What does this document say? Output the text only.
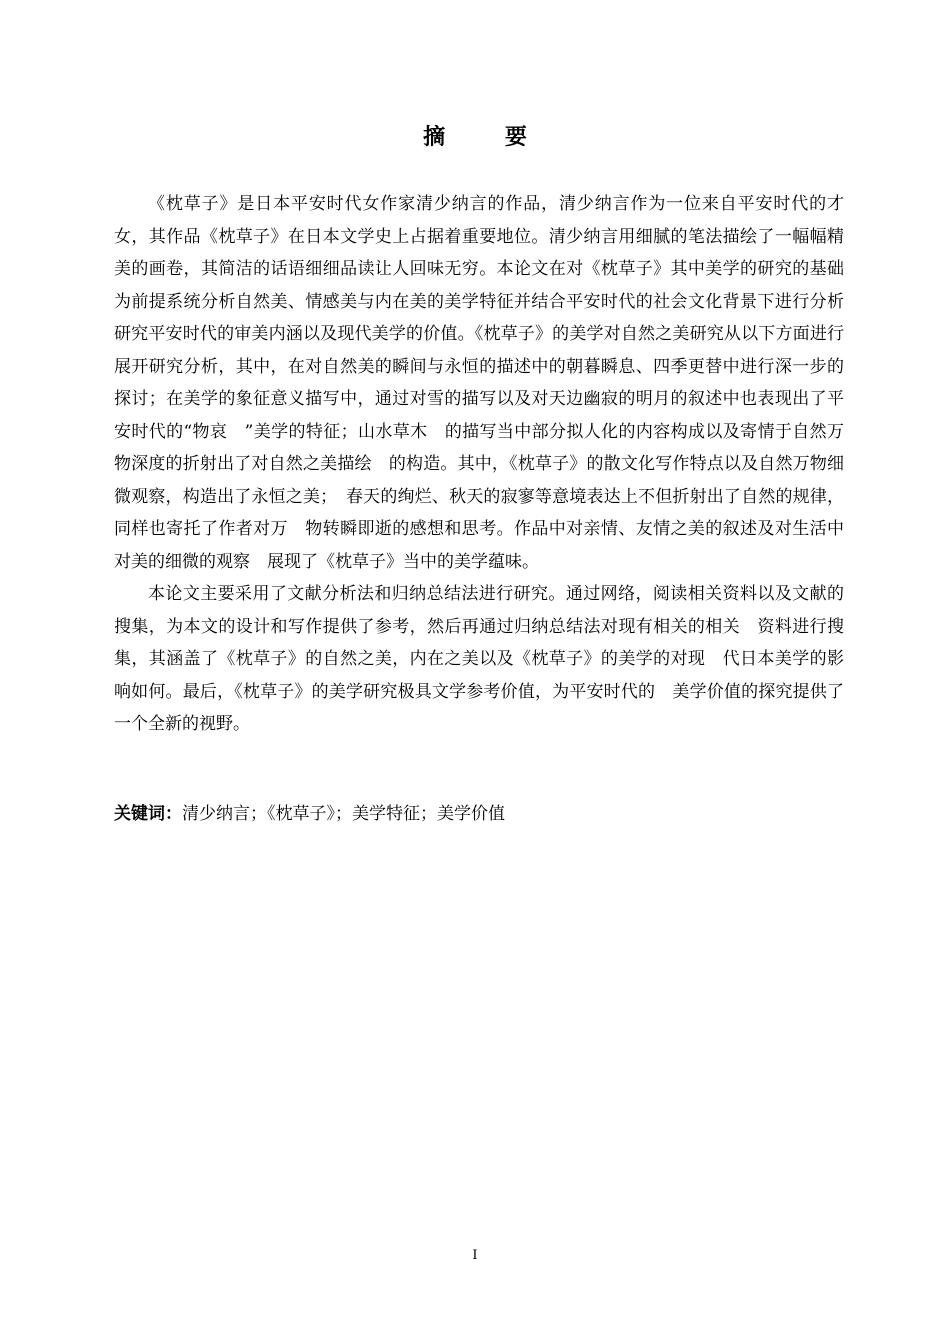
摘 要

《枕草子》是日本平安时代女作家清少纳言的作品，清少纳言作为一位来自平安时代的才女，其作品《枕草子》在日本文学史上占据着重要地位。清少纳言用细腻的笔法描绘了一幅幅精美的画卷，其简洁的话语细细品读让人回味无穷。本论文在对《枕草子》其中美学的研究的基础为前提系统分析自然美、情感美与内在美的美学特征并结合平安时代的社会文化背景下进行分析研究平安时代的审美内涵以及现代美学的价值。《枕草子》的美学对自然之美研究从以下方面进行展开研究分析，其中，在对自然美的瞬间与永恒的描述中的朝暮瞬息、四季更替中进行深一步的探讨；在美学的象征意义描写中，通过对雪的描写以及对天边幽寂的明月的叙述中也表现出了平安时代的“物哀　”美学的特征；山水草木　的描写当中部分拟人化的内容构成以及寄情于自然万物深度的折射出了对自然之美描绘　的构造。其中，《枕草子》的散文化写作特点以及自然万物细微观察，构造出了永恒之美；　春天的绚烂、秋天的寂寥等意境表达上不但折射出了自然的规律，同样也寄托了作者对万　物转瞬即逝的感想和思考。作品中对亲情、友情之美的叙述及对生活中对美的细微的观察　展现了《枕草子》当中的美学蕴味。

本论文主要采用了文献分析法和归纳总结法进行研究。通过网络，阅读相关资料以及文献的搜集，为本文的设计和写作提供了参考，然后再通过归纳总结法对现有相关的相关　资料进行搜集，其涵盖了《枕草子》的自然之美，内在之美以及《枕草子》的美学的对现　代日本美学的影响如何。最后，《枕草子》的美学研究极具文学参考价值，为平安时代的　美学价值的探究提供了一个全新的视野。

关键词：清少纳言；《枕草子》；美学特征；美学价值
I
